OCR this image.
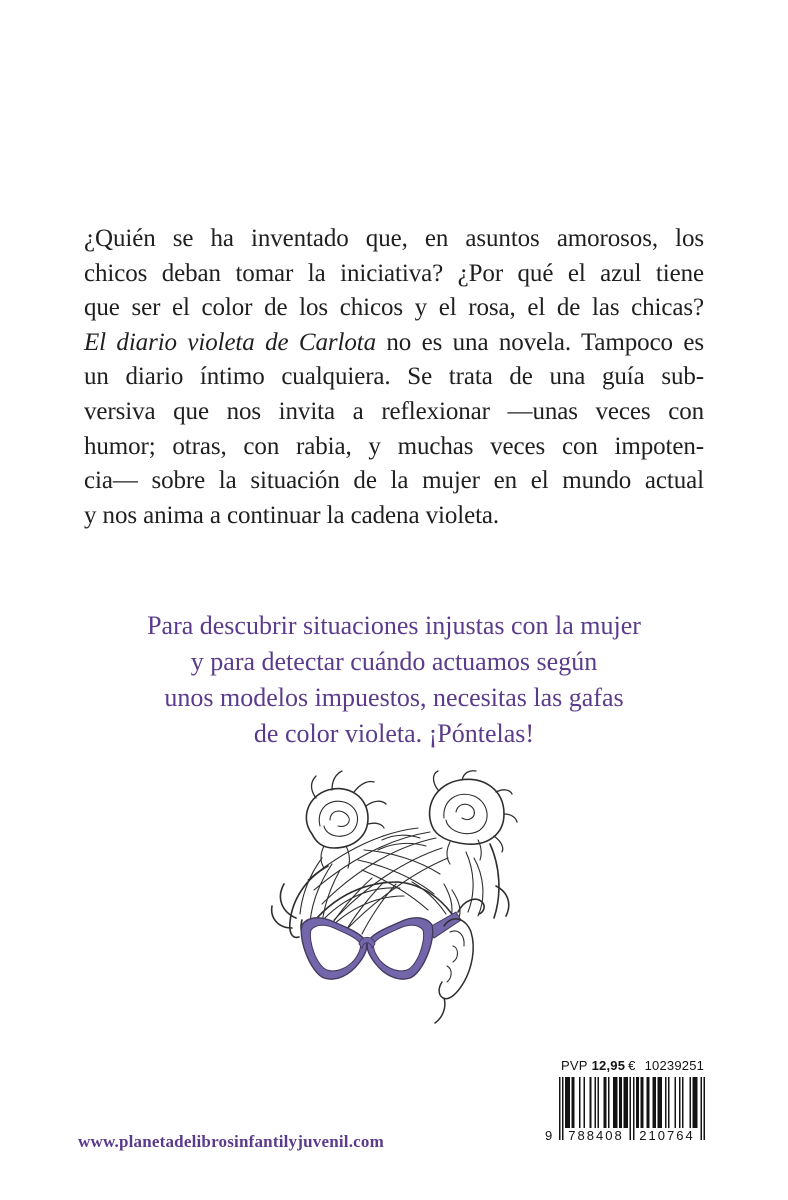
¿Quién se ha inventado que, en asuntos amorosos, los
chicos deban tomar la iniciativa? ¿Por qué el azul tiene
que ser el color de los chicos y el rosa, el de las chicas?
El diario violeta de Carlota no es una novela. Tampoco es
un diario íntimo cualquiera. Se trata de una guía sub-
versiva que nos invita a reflexionar —unas veces con
humor; otras, con rabia, y muchas veces con impoten-
cia— sobre la situación de la mujer en el mundo actual
y nos anima a continuar la cadena violeta.
Para descubrir situaciones injustas con la mujer
y para detectar cuándo actuamos según
unos modelos impuestos, necesitas las gafas
de color violeta. ¡Póntelas!
PVP 12,95 € 10239251
9	788408	210764
www.planetadelibrosinfantilyjuvenil.com
